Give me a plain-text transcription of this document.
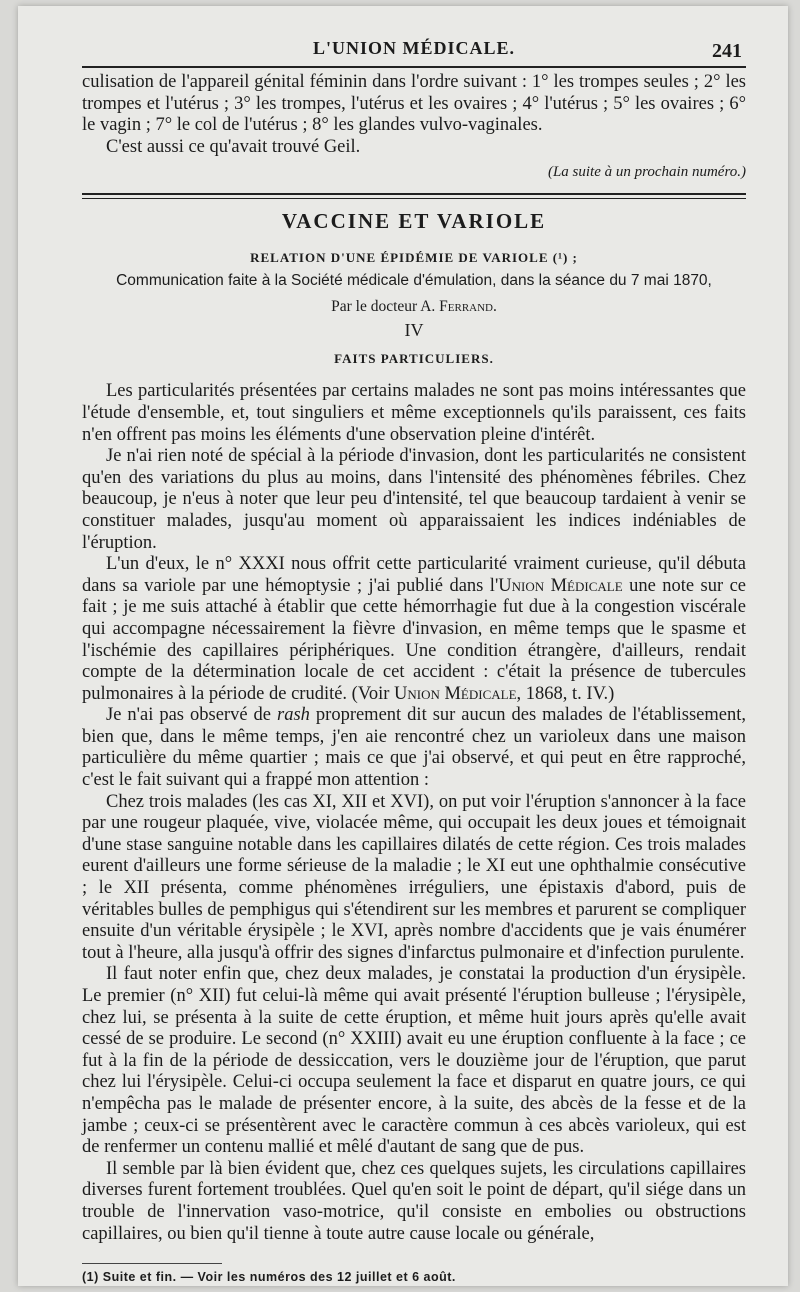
L'UNION MÉDICALE.	241

culisation de l'appareil génital féminin dans l'ordre suivant : 1° les trompes seules ; 2° les trompes et l'utérus ; 3° les trompes, l'utérus et les ovaires ; 4° l'utérus ; 5° les ovaires ; 6° le vagin ; 7° le col de l'utérus ; 8° les glandes vulvo-vaginales.

C'est aussi ce qu'avait trouvé Geil.

(La suite à un prochain numéro.)
VACCINE ET VARIOLE
RELATION D'UNE ÉPIDÉMIE DE VARIOLE (¹) ;
Communication faite à la Société médicale d'émulation, dans la séance du 7 mai 1870,
Par le docteur A. Ferrand.
IV
FAITS PARTICULIERS.

Les particularités présentées par certains malades ne sont pas moins intéressantes que l'étude d'ensemble, et, tout singuliers et même exceptionnels qu'ils paraissent, ces faits n'en offrent pas moins les éléments d'une observation pleine d'intérêt.

Je n'ai rien noté de spécial à la période d'invasion, dont les particularités ne consistent qu'en des variations du plus au moins, dans l'intensité des phénomènes fébriles. Chez beaucoup, je n'eus à noter que leur peu d'intensité, tel que beaucoup tardaient à venir se constituer malades, jusqu'au moment où apparaissaient les indices indéniables de l'éruption.

L'un d'eux, le n° XXXI nous offrit cette particularité vraiment curieuse, qu'il débuta dans sa variole par une hémoptysie ; j'ai publié dans l'Union Médicale une note sur ce fait ; je me suis attaché à établir que cette hémorrhagie fut due à la congestion viscérale qui accompagne nécessairement la fièvre d'invasion, en même temps que le spasme et l'ischémie des capillaires périphériques. Une condition étrangère, d'ailleurs, rendait compte de la détermination locale de cet accident : c'était la présence de tubercules pulmonaires à la période de crudité. (Voir Union Médicale, 1868, t. IV.)

Je n'ai pas observé de rash proprement dit sur aucun des malades de l'établissement, bien que, dans le même temps, j'en aie rencontré chez un varioleux dans une maison particulière du même quartier ; mais ce que j'ai observé, et qui peut en être rapproché, c'est le fait suivant qui a frappé mon attention :

Chez trois malades (les cas XI, XII et XVI), on put voir l'éruption s'annoncer à la face par une rougeur plaquée, vive, violacée même, qui occupait les deux joues et témoignait d'une stase sanguine notable dans les capillaires dilatés de cette région. Ces trois malades eurent d'ailleurs une forme sérieuse de la maladie ; le XI eut une ophthalmie consécutive ; le XII présenta, comme phénomènes irréguliers, une épistaxis d'abord, puis de véritables bulles de pemphigus qui s'étendirent sur les membres et parurent se compliquer ensuite d'un véritable érysipèle ; le XVI, après nombre d'accidents que je vais énumérer tout à l'heure, alla jusqu'à offrir des signes d'infarctus pulmonaire et d'infection purulente.

Il faut noter enfin que, chez deux malades, je constatai la production d'un érysipèle. Le premier (n° XII) fut celui-là même qui avait présenté l'éruption bulleuse ; l'érysipèle, chez lui, se présenta à la suite de cette éruption, et même huit jours après qu'elle avait cessé de se produire. Le second (n° XXIII) avait eu une éruption confluente à la face ; ce fut à la fin de la période de dessiccation, vers le douzième jour de l'éruption, que parut chez lui l'érysipèle. Celui-ci occupa seulement la face et disparut en quatre jours, ce qui n'empêcha pas le malade de présenter encore, à la suite, des abcès de la fesse et de la jambe ; ceux-ci se présentèrent avec le caractère commun à ces abcès varioleux, qui est de renfermer un contenu mallié et mêlé d'autant de sang que de pus.

Il semble par là bien évident que, chez ces quelques sujets, les circulations capillaires diverses furent fortement troublées. Quel qu'en soit le point de départ, qu'il siége dans un trouble de l'innervation vaso-motrice, qu'il consiste en embolies ou obstructions capillaires, ou bien qu'il tienne à toute autre cause locale ou générale,

(1) Suite et fin. — Voir les numéros des 12 juillet et 6 août.
